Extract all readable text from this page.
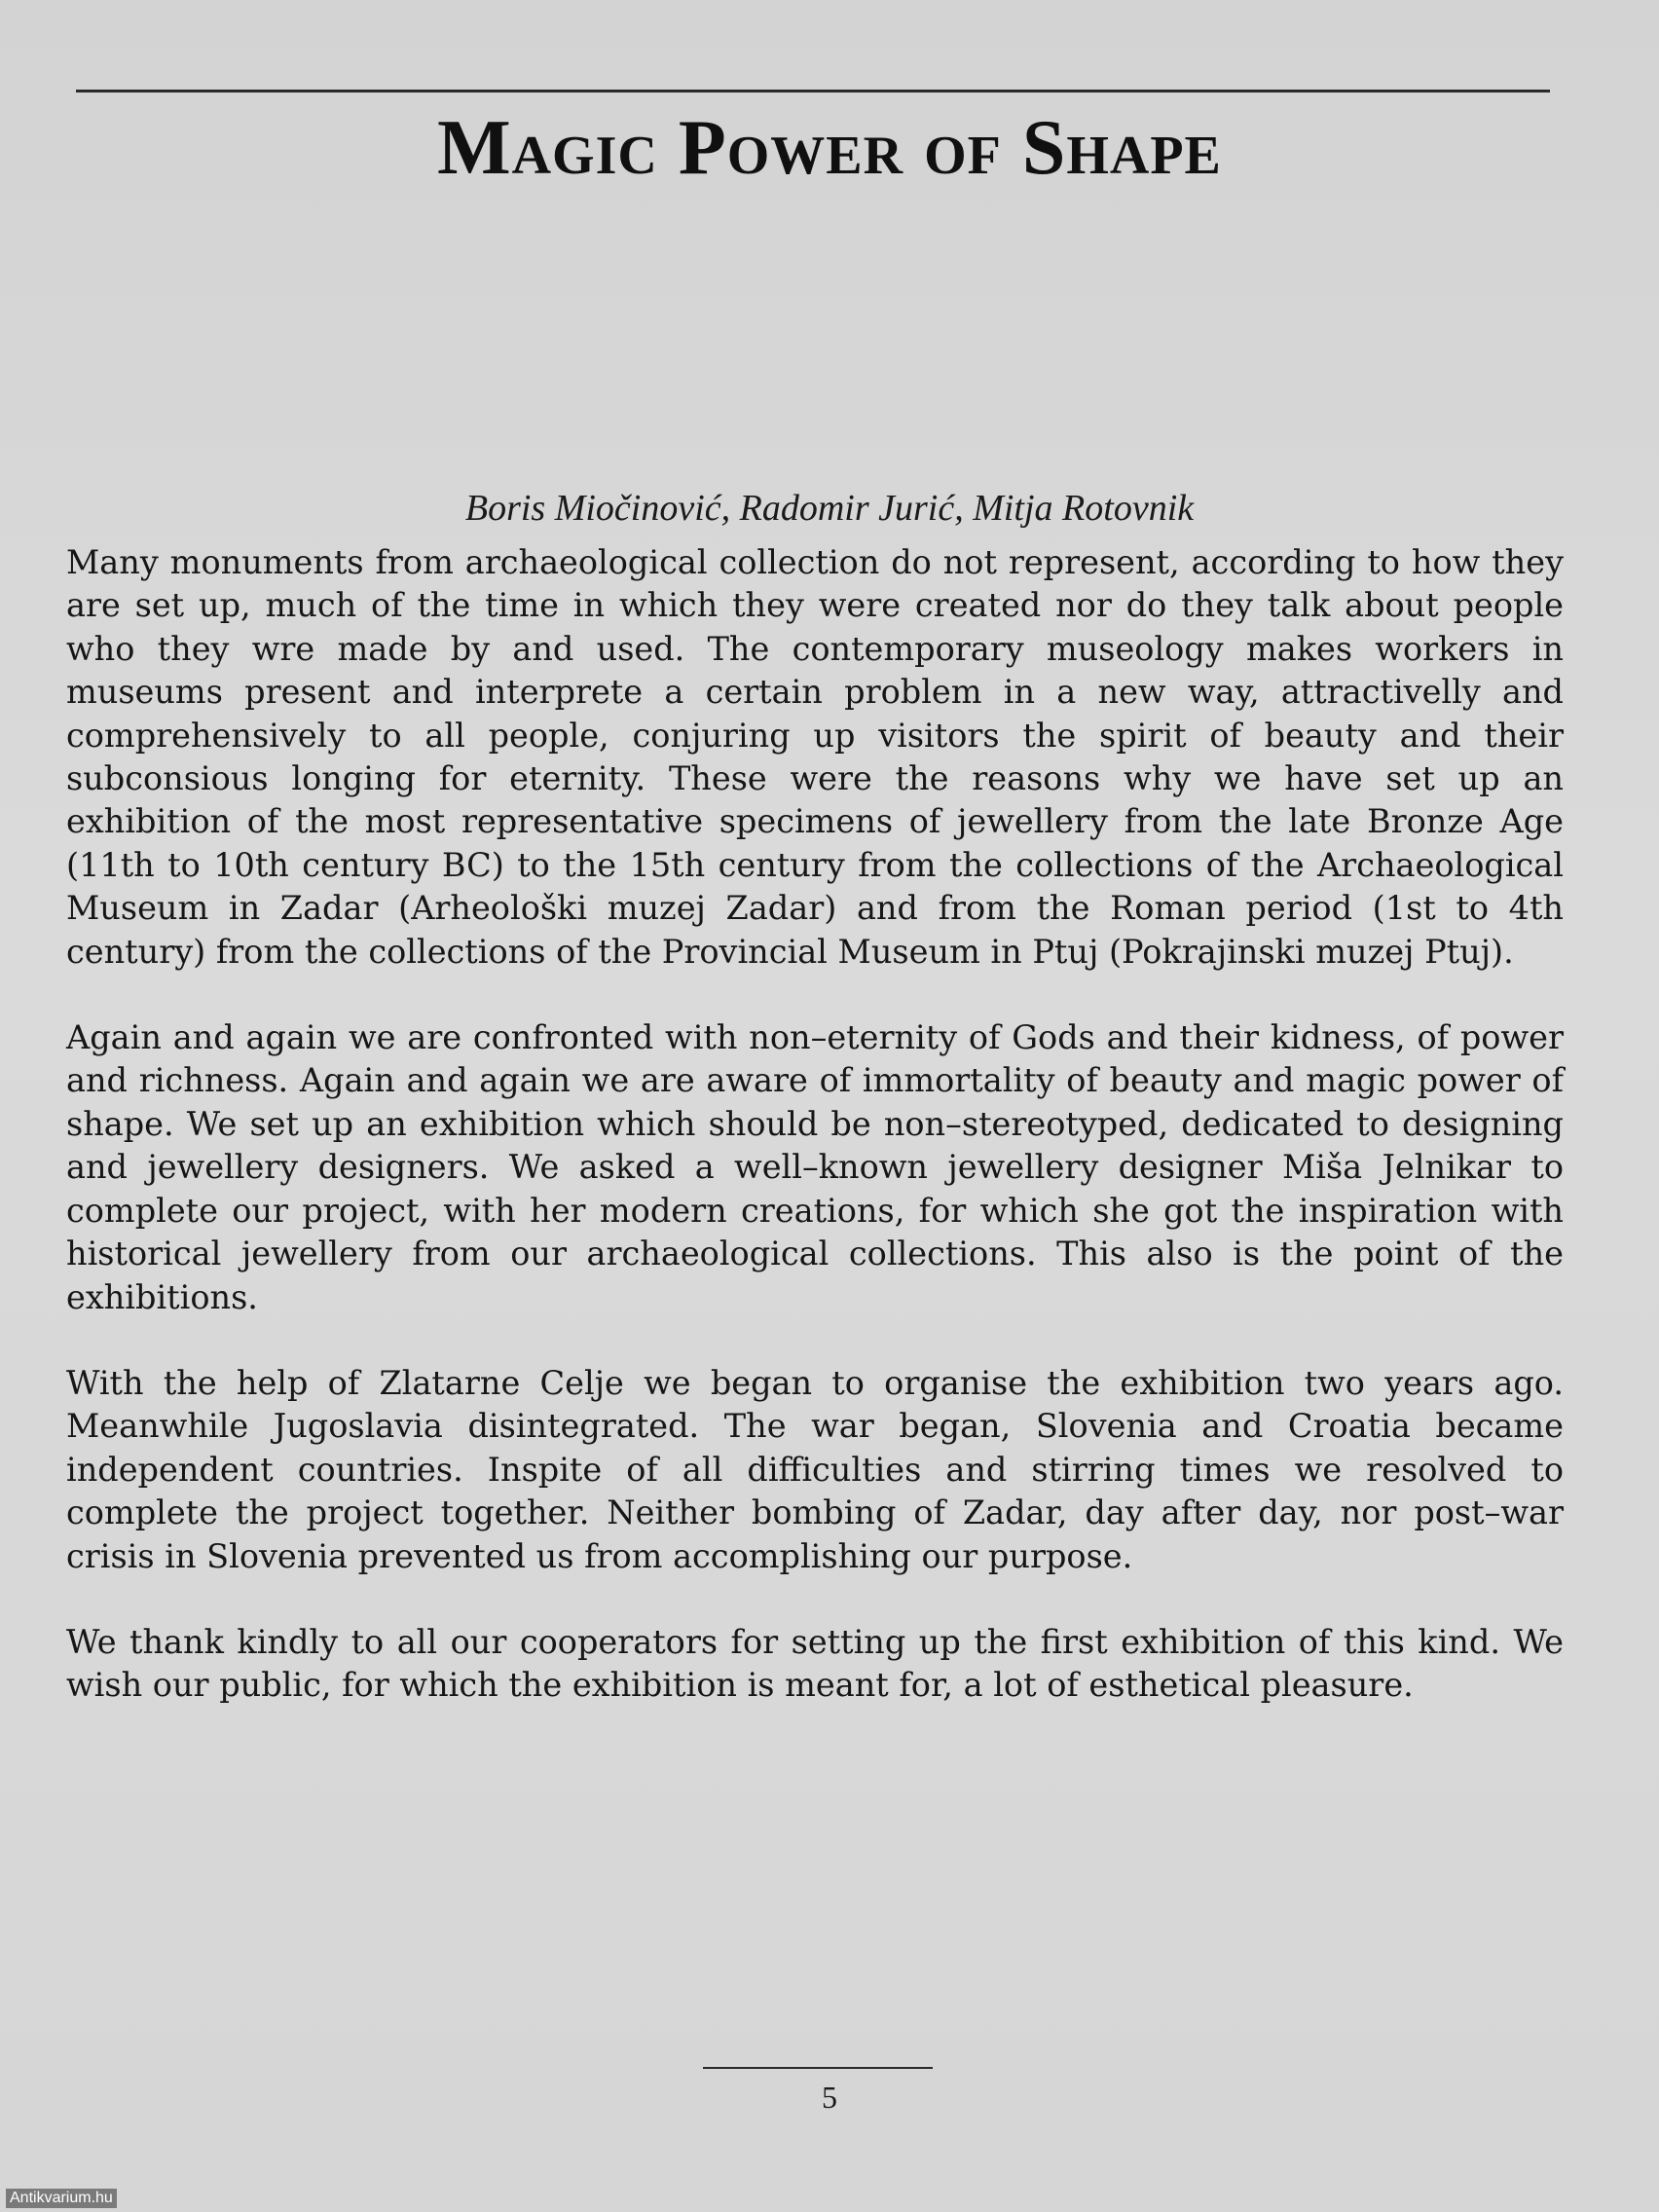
Magic Power of Shape
Boris Miočinović, Radomir Jurić, Mitja Rotovnik

Many monuments from archaeological collection do not represent, according to how they are set up, much of the time in which they were created nor do they talk about people who they wre made by and used. The contemporary museology makes workers in museums present and interprete a certain problem in a new way, attractivelly and comprehensively to all people, conjuring up visitors the spirit of beauty and their subconsious longing for eternity. These were the reasons why we have set up an exhibition of the most representative specimens of jewellery from the late Bronze Age (11th to 10th century BC) to the 15th century from the collections of the Archaeological Museum in Zadar (Arheološki muzej Zadar) and from the Roman period (1st to 4th century) from the collections of the Provincial Museum in Ptuj (Pokrajinski muzej Ptuj).

Again and again we are confronted with non–eternity of Gods and their kidness, of power and richness. Again and again we are aware of immortality of beauty and magic power of shape. We set up an exhibition which should be non–stereotyped, dedicated to designing and jewellery designers. We asked a well–known jewellery designer Miša Jelnikar to complete our project, with her modern creations, for which she got the inspiration with historical jewellery from our archaeological collections. This also is the point of the exhibitions.

With the help of Zlatarne Celje we began to organise the exhibition two years ago. Meanwhile Jugoslavia disintegrated. The war began, Slovenia and Croatia became independent countries. Inspite of all difficulties and stirring times we resolved to complete the project together. Neither bombing of Zadar, day after day, nor post–war crisis in Slovenia prevented us from accomplishing our purpose.

We thank kindly to all our cooperators for setting up the first exhibition of this kind. We wish our public, for which the exhibition is meant for, a lot of esthetical pleasure.

5
Antikvarium.hu
